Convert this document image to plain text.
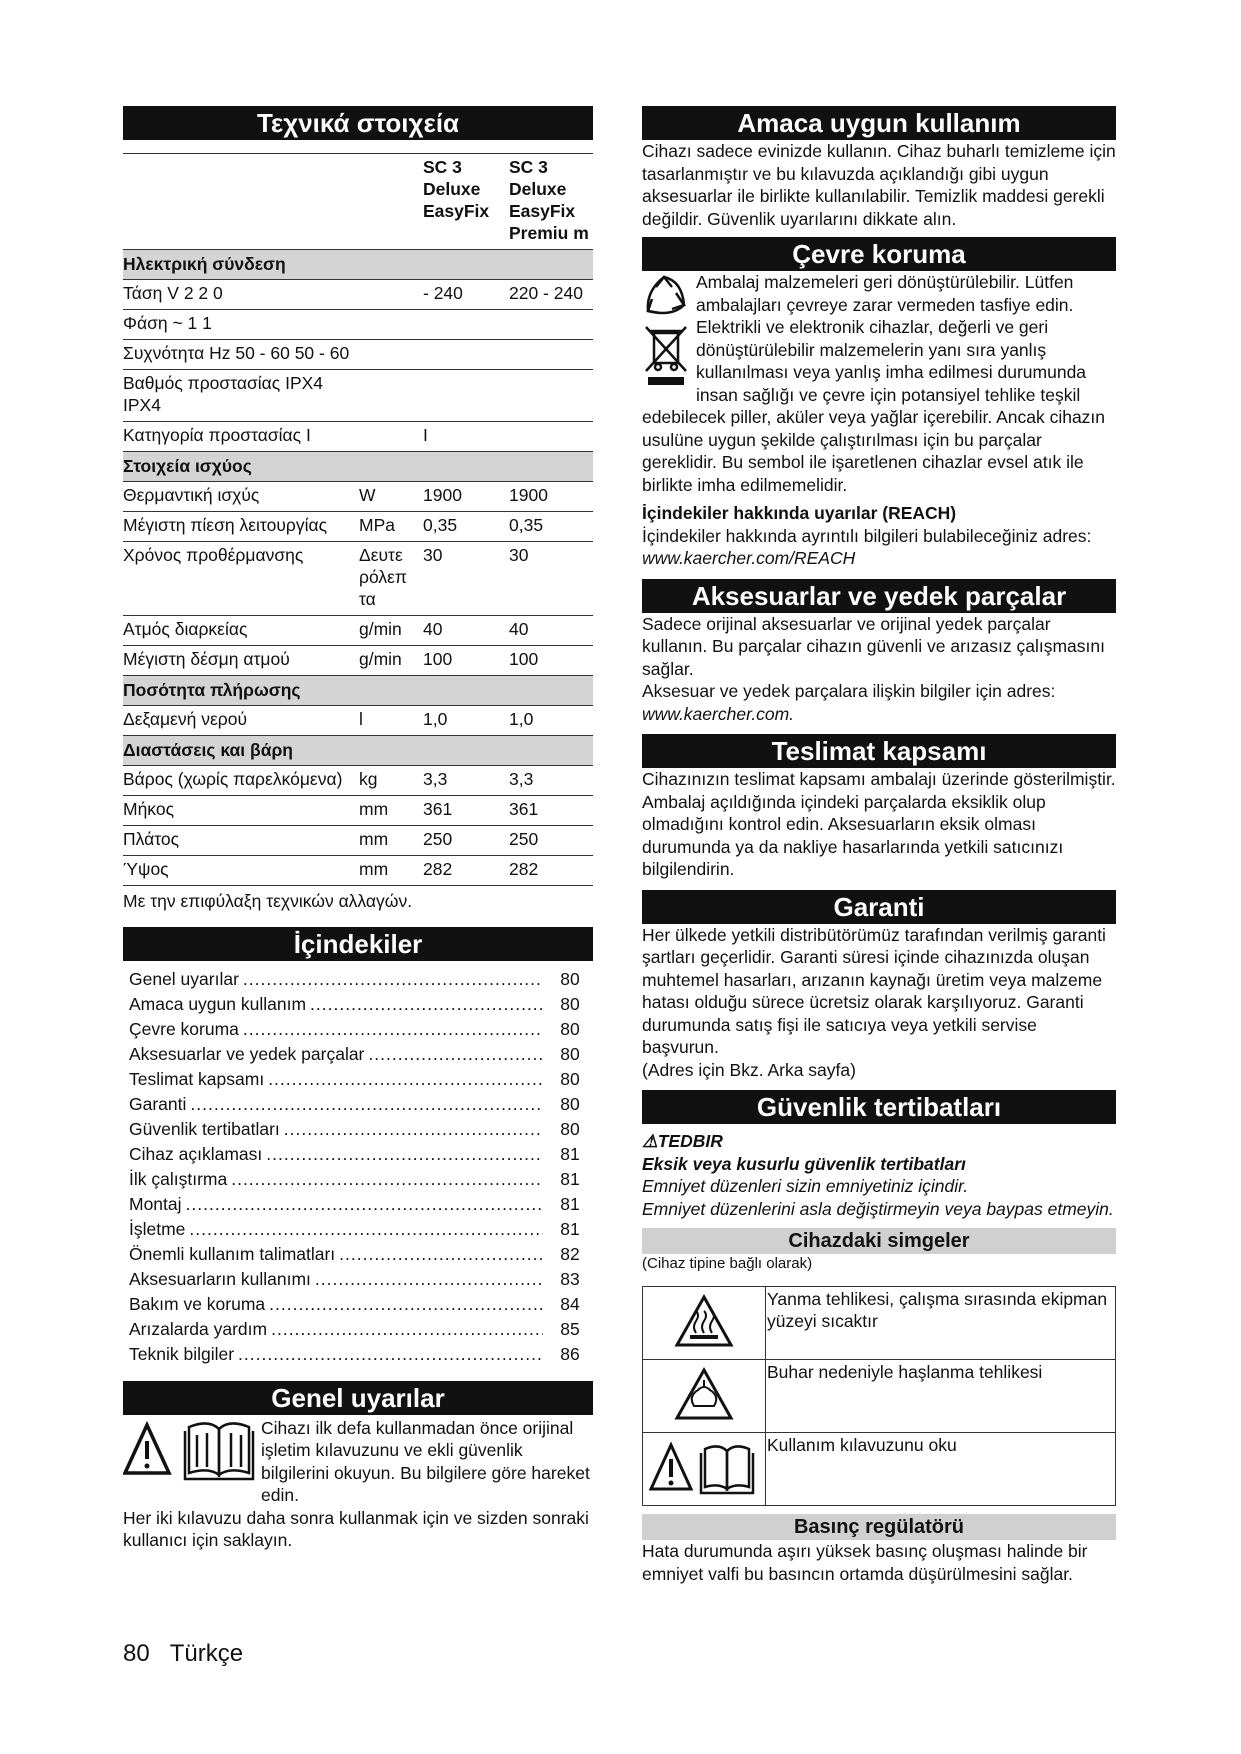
Τεχνικά στοιχεία
		SC 3 Deluxe EasyFix	SC 3 Deluxe EasyFix Premiu m
Ηλεκτρική σύνδεση			
Τάση V 2 2 0		- 240	220 - 240
Φάση ~ 1 1			
Συχνότητα Hz 50 - 60 50 - 60			
Βαθμός προστασίας IPX4 IPX4			
Κατηγορία προστασίας I		I	
Στοιχεία ισχύος			
Θερμαντική ισχύς	W	1900	1900
Μέγιστη πίεση λειτουργίας	MPa	0,35	0,35
Χρόνος προθέρμανσης	Δευτε ρόλεπ τα	30	30
Ατμός διαρκείας	g/min	40	40
Μέγιστη δέσμη ατμού	g/min	100	100
Ποσότητα πλήρωσης			
Δεξαμενή νερού	l	1,0	1,0
Διαστάσεις και βάρη			
Βάρος (χωρίς παρελκόμενα)	kg	3,3	3,3
Μήκος	mm	361	361
Πλάτος	mm	250	250
Ύψος	mm	282	282
Με την επιφύλαξη τεχνικών αλλαγών.
İçindekiler
Genel uyarılar .....	80
Amaca uygun kullanım .....	80
Çevre koruma .....	80
Aksesuarlar ve yedek parçalar .....	80
Teslimat kapsamı .....	80
Garanti .....	80
Güvenlik tertibatları .....	80
Cihaz açıklaması .....	81
İlk çalıştırma .....	81
Montaj .....	81
İşletme .....	81
Önemli kullanım talimatları .....	82
Aksesuarların kullanımı .....	83
Bakım ve koruma .....	84
Arızalarda yardım .....	85
Teknik bilgiler .....	86
Genel uyarılar
Cihazı ilk defa kullanmadan önce orijinal işletim kılavuzunu ve ekli güvenlik bilgilerini okuyun. Bu bilgilere göre hareket edin.
Her iki kılavuzu daha sonra kullanmak için ve sizden sonraki kullanıcı için saklayın.
Amaca uygun kullanım
Cihazı sadece evinizde kullanın. Cihaz buharlı temizleme için tasarlanmıştır ve bu kılavuzda açıklandığı gibi uygun aksesuarlar ile birlikte kullanılabilir. Temizlik maddesi gerekli değildir. Güvenlik uyarılarını dikkate alın.
Çevre koruma
Ambalaj malzemeleri geri dönüştürülebilir. Lütfen ambalajları çevreye zarar vermeden tasfiye edin.
Elektrikli ve elektronik cihazlar, değerli ve geri dönüştürülebilir malzemelerin yanı sıra yanlış kullanılması veya yanlış imha edilmesi durumunda insan sağlığı ve çevre için potansiyel tehlike teşkil edebilecek piller, aküler veya yağlar içerebilir. Ancak cihazın usulüne uygun şekilde çalıştırılması için bu parçalar gereklidir. Bu sembol ile işaretlenen cihazlar evsel atık ile birlikte imha edilmemelidir.
İçindekiler hakkında uyarılar (REACH)
İçindekiler hakkında ayrıntılı bilgileri bulabileceğiniz adres: www.kaercher.com/REACH
Aksesuarlar ve yedek parçalar
Sadece orijinal aksesuarlar ve orijinal yedek parçalar kullanın. Bu parçalar cihazın güvenli ve arızasız çalışmasını sağlar.
Aksesuar ve yedek parçalara ilişkin bilgiler için adres:
www.kaercher.com.
Teslimat kapsamı
Cihazınızın teslimat kapsamı ambalajı üzerinde gösterilmiştir. Ambalaj açıldığında içindeki parçalarda eksiklik olup olmadığını kontrol edin. Aksesuarların eksik olması durumunda ya da nakliye hasarlarında yetkili satıcınızı bilgilendirin.
Garanti
Her ülkede yetkili distribütörümüz tarafından verilmiş garanti şartları geçerlidir. Garanti süresi içinde cihazınızda oluşan muhtemel hasarları, arızanın kaynağı üretim veya malzeme hatası olduğu sürece ücretsiz olarak karşılıyoruz. Garanti durumunda satış fişi ile satıcıya veya yetkili servise başvurun.
(Adres için Bkz. Arka sayfa)
Güvenlik tertibatları
⚠TEDBIR
Eksik veya kusurlu güvenlik tertibatları
Emniyet düzenleri sizin emniyetiniz içindir.
Emniyet düzenlerini asla değiştirmeyin veya baypas etmeyin.
Cihazdaki simgeler
(Cihaz tipine bağlı olarak)
	Yanma tehlikesi, çalışma sırasında ekipman yüzeyi sıcaktır
	Buhar nedeniyle haşlanma tehlikesi
	Kullanım kılavuzunu oku
Basınç regülatörü
Hata durumunda aşırı yüksek basınç oluşması halinde bir emniyet valfi bu basıncın ortamda düşürülmesini sağlar.
80 Türkçe
